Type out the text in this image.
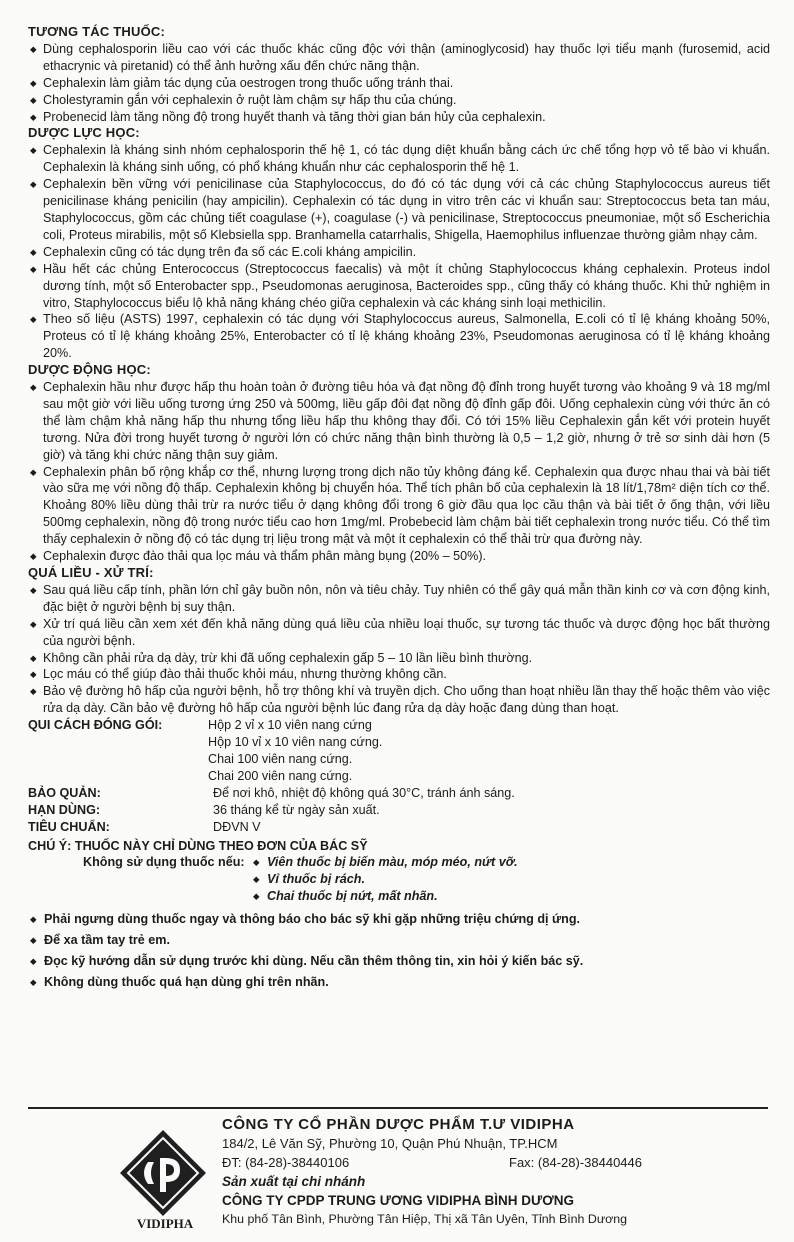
TƯƠNG TÁC THUỐC:

◆ Dùng cephalosporin liều cao với các thuốc khác cũng độc với thận (aminoglycosid) hay thuốc lợi tiểu mạnh (furosemid, acid ethacrynic và piretanid) có thể ảnh hưởng xấu đến chức năng thận.

◆ Cephalexin làm giảm tác dụng của oestrogen trong thuốc uống tránh thai.

◆ Cholestyramin gắn với cephalexin ở ruột làm chậm sự hấp thu của chúng.

◆ Probenecid làm tăng nồng độ trong huyết thanh và tăng thời gian bán hủy của cephalexin.

DƯỢC LỰC HỌC:

◆ Cephalexin là kháng sinh nhóm cephalosporin thế hệ 1, có tác dụng diệt khuẩn bằng cách ức chế tổng hợp vỏ tế bào vi khuẩn. Cephalexin là kháng sinh uống, có phổ kháng khuẩn như các cephalosporin thế hệ 1.

◆ Cephalexin bền vững với penicilinase của Staphylococcus, do đó có tác dụng với cả các chủng Staphylococcus aureus tiết penicilinase kháng penicilin (hay ampicilin). Cephalexin có tác dụng in vitro trên các vi khuẩn sau: Streptococcus beta tan máu, Staphylococcus, gồm các chủng tiết coagulase (+), coagulase (-) và penicilinase, Streptococcus pneumoniae, một số Escherichia coli, Proteus mirabilis, một số Klebsiella spp. Branhamella catarrhalis, Shigella, Haemophilus influenzae thường giảm nhạy cảm.

◆ Cephalexin cũng có tác dụng trên đa số các E.coli kháng ampicilin.

◆ Hầu hết các chủng Enterococcus (Streptococcus faecalis) và một ít chủng Staphylococcus kháng cephalexin. Proteus indol dương tính, một số Enterobacter spp., Pseudomonas aeruginosa, Bacteroides spp., cũng thấy có kháng thuốc. Khi thử nghiệm in vitro, Staphylococcus biểu lộ khả năng kháng chéo giữa cephalexin và các kháng sinh loại methicilin.

◆ Theo số liệu (ASTS) 1997, cephalexin có tác dụng với Staphylococcus aureus, Salmonella, E.coli có tỉ lệ kháng khoảng 50%, Proteus có tỉ lệ kháng khoảng 25%, Enterobacter có tỉ lệ kháng khoảng 23%, Pseudomonas aeruginosa có tỉ lệ kháng khoảng 20%.

DƯỢC ĐỘNG HỌC:

◆ Cephalexin hầu như được hấp thu hoàn toàn ở đường tiêu hóa và đạt nồng độ đỉnh trong huyết tương vào khoảng 9 và 18 mg/ml sau một giờ với liều uống tương ứng 250 và 500mg, liều gấp đôi đạt nồng độ đỉnh gấp đôi. Uống cephalexin cùng với thức ăn có thể làm chậm khả năng hấp thu nhưng tổng liều hấp thu không thay đổi. Có tới 15% liều Cephalexin gắn kết với protein huyết tương. Nửa đời trong huyết tương ở người lớn có chức năng thận bình thường là 0,5 – 1,2 giờ, nhưng ở trẻ sơ sinh dài hơn (5 giờ) và tăng khi chức năng thận suy giảm.

◆ Cephalexin phân bố rộng khắp cơ thể, nhưng lượng trong dịch não tủy không đáng kể. Cephalexin qua được nhau thai và bài tiết vào sữa mẹ với nồng độ thấp. Cephalexin không bị chuyển hóa. Thể tích phân bố của cephalexin là 18 lít/1,78m² diện tích cơ thể. Khoảng 80% liều dùng thải trừ ra nước tiểu ở dạng không đổi trong 6 giờ đầu qua lọc cầu thận và bài tiết ở ống thận, với liều 500mg cephalexin, nồng độ trong nước tiểu cao hơn 1mg/ml. Probebecid làm chậm bài tiết cephalexin trong nước tiểu. Có thể tìm thấy cephalexin ở nồng độ có tác dụng trị liệu trong mật và một ít cephalexin có thể thải trừ qua đường này.

◆ Cephalexin được đào thải qua lọc máu và thẩm phân màng bụng (20% – 50%).

QUÁ LIỀU - XỬ TRÍ:

◆ Sau quá liều cấp tính, phần lớn chỉ gây buồn nôn, nôn và tiêu chảy. Tuy nhiên có thể gây quá mẫn thần kinh cơ và cơn động kinh, đặc biệt ở người bệnh bị suy thận.

◆ Xử trí quá liều cần xem xét đến khả năng dùng quá liều của nhiều loại thuốc, sự tương tác thuốc và dược động học bất thường của người bệnh.

◆ Không cần phải rửa dạ dày, trừ khi đã uống cephalexin gấp 5 – 10 lần liều bình thường.

◆ Lọc máu có thể giúp đào thải thuốc khỏi máu, nhưng thường không cần.

◆ Bảo vệ đường hô hấp của người bệnh, hỗ trợ thông khí và truyền dịch. Cho uống than hoạt nhiều lần thay thế hoặc thêm vào việc rửa dạ dày. Cần bảo vệ đường hô hấp của người bệnh lúc đang rửa dạ dày hoặc đang dùng than hoạt.

QUI CÁCH ĐÓNG GÓI:	Hộp 2 vỉ x 10 viên nang cứng
Hộp 10 vỉ x 10 viên nang cứng.
Chai 100 viên nang cứng.
Chai 200 viên nang cứng.
BẢO QUẢN:	Để nơi khô, nhiệt độ không quá 30°C, tránh ánh sáng.
HẠN DÙNG:	36 tháng kể từ ngày sản xuất.
TIÊU CHUẨN:	DĐVN V
CHÚ Ý: THUỐC NÀY CHỈ DÙNG THEO ĐƠN CỦA BÁC SỸ
Không sử dụng thuốc nếu:
◆	Viên thuốc bị biến màu, móp méo, nứt vỡ.
◆ Vỉ thuốc bị rách.
◆ Chai thuốc bị nứt, mất nhãn.
◆ Phải ngưng dùng thuốc ngay và thông báo cho bác sỹ khi gặp những triệu chứng dị ứng.
◆ Để xa tầm tay trẻ em.
◆ Đọc kỹ hướng dẫn sử dụng trước khi dùng. Nếu cần thêm thông tin, xin hỏi ý kiến bác sỹ.
◆ Không dùng thuốc quá hạn dùng ghi trên nhãn.
VIDIPHA
CÔNG TY CỔ PHẦN DƯỢC PHẨM T.Ư VIDIPHA
184/2, Lê Văn Sỹ, Phường 10, Quận Phú Nhuận, TP.HCM
ĐT: (84-28)-38440106	Fax: (84-28)-38440446
Sản xuất tại chi nhánh
CÔNG TY CPDP TRUNG ƯƠNG VIDIPHA BÌNH DƯƠNG
Khu phố Tân Bình, Phường Tân Hiệp, Thị xã Tân Uyên, Tỉnh Bình Dương
